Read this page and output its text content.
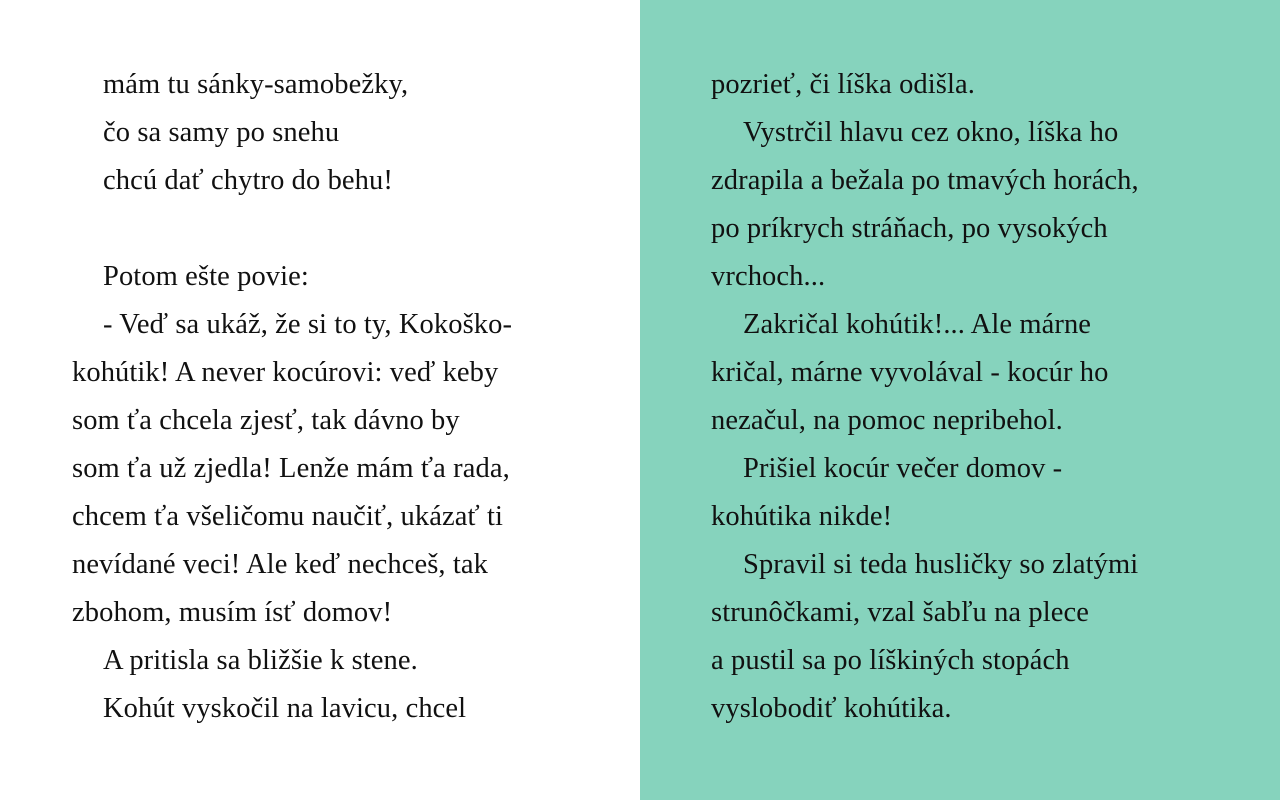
mám tu sánky-samobežky,
čo sa samy po snehu
chcú dať chytro do behu!
Potom ešte povie:
- Veď sa ukáž, že si to ty, Kokoško-
kohútik! A never kocúrovi: veď keby
som ťa chcela zjesť, tak dávno by
som ťa už zjedla! Lenže mám ťa rada,
chcem ťa všeličomu naučiť, ukázať ti
nevídané veci! Ale keď nechceš, tak
zbohom, musím ísť domov!
A pritisla sa bližšie k stene.
Kohút vyskočil na lavicu, chcel
pozrieť, či líška odišla.
Vystrčil hlavu cez okno, líška ho
zdrapila a bežala po tmavých horách,
po príkrych stráňach, po vysokých
vrchoch...
Zakričal kohútik!... Ale márne
kričal, márne vyvolával - kocúr ho
nezačul, na pomoc nepribehol.
Prišiel kocúr večer domov -
kohútika nikde!
Spravil si teda husličky so zlatými
strunôčkami, vzal šabľu na plece
a pustil sa po líškiných stopách
vyslobodiť kohútika.
